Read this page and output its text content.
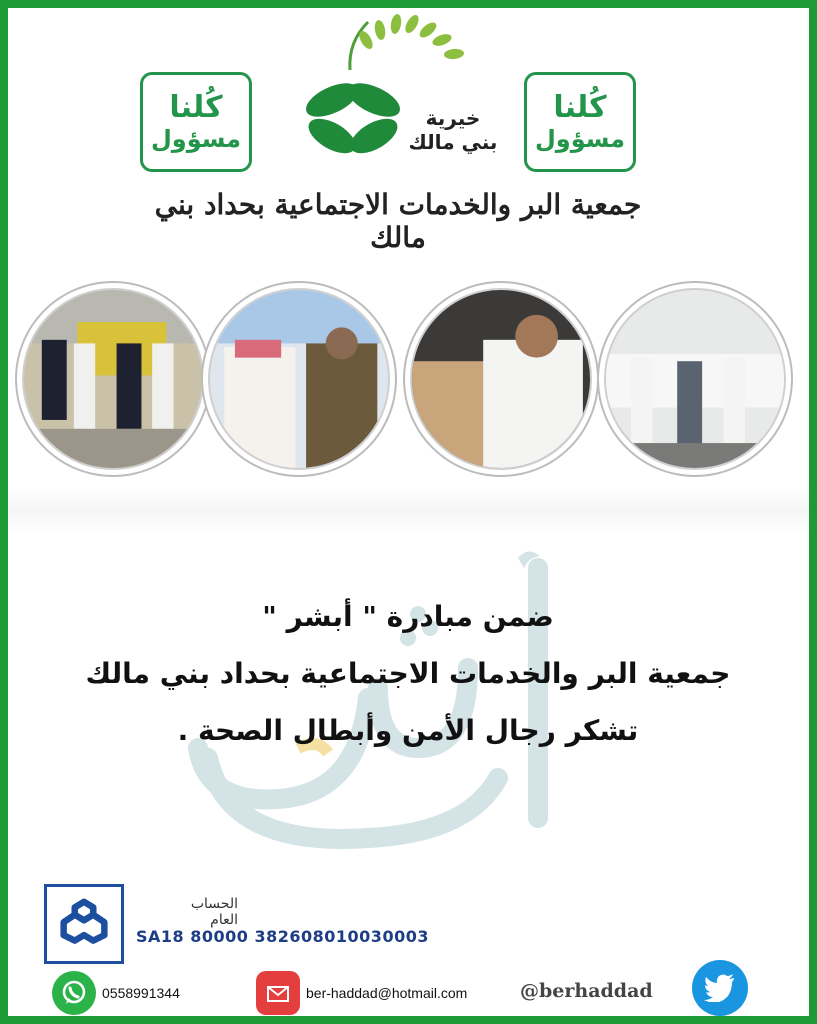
كُلنا
مسؤول
كُلنا
مسؤول
خيرية
بني مالك
جمعية البر والخدمات الاجتماعية بحداد بني مالك
ضمن مبادرة " أبشر "
جمعية البر والخدمات الاجتماعية بحداد بني مالك
تشكر رجال الأمن وأبطال الصحة .
الحساب العام
SA18 80000 382608010030003
0558991344	ber-haddad@hotmail.com	@berhaddad
